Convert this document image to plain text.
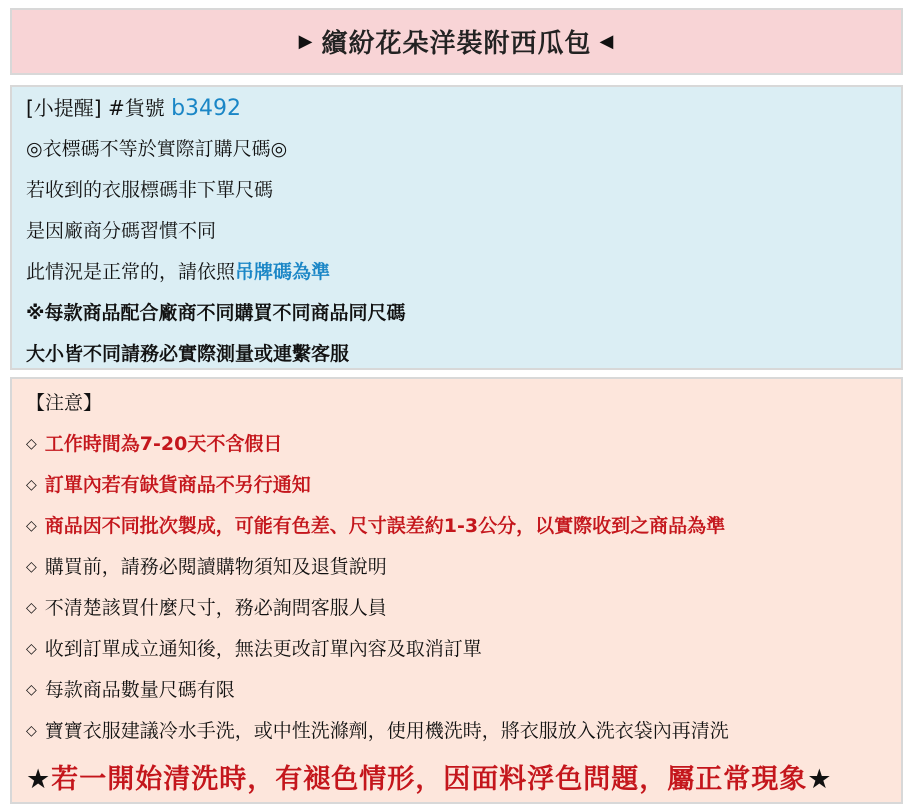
▶ 繽紛花朵洋裝附西瓜包 ◀
[小提醒] #貨號 b3492
◎衣標碼不等於實際訂購尺碼◎
若收到的衣服標碼非下單尺碼
是因廠商分碼習慣不同
此情況是正常的，請依照吊牌碼為準
※每款商品配合廠商不同購買不同商品同尺碼
大小皆不同請務必實際測量或連繫客服
【注意】
◇ 工作時間為7-20天不含假日
◇ 訂單內若有缺貨商品不另行通知
◇ 商品因不同批次製成，可能有色差、尺寸誤差約1-3公分，以實際收到之商品為準
◇ 購買前，請務必閱讀購物須知及退貨說明
◇ 不清楚該買什麼尺寸，務必詢問客服人員
◇ 收到訂單成立通知後，無法更改訂單內容及取消訂單
◇ 每款商品數量尺碼有限
◇ 寶寶衣服建議冷水手洗，或中性洗滌劑，使用機洗時，將衣服放入洗衣袋內再清洗
★若一開始清洗時，有褪色情形，因面料浮色問題，屬正常現象★
